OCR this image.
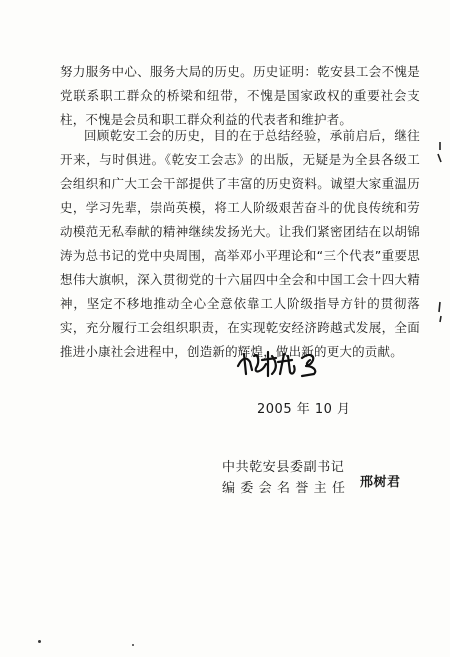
努力服务中心、服务大局的历史。历史证明：乾安县工会不愧是党联系职工群众的桥梁和纽带，不愧是国家政权的重要社会支柱，不愧是会员和职工群众利益的代表者和维护者。

回顾乾安工会的历史，目的在于总结经验，承前启后，继往开来，与时俱进。《乾安工会志》的出版，无疑是为全县各级工会组织和广大工会干部提供了丰富的历史资料。诚望大家重温历史，学习先辈，崇尚英模，将工人阶级艰苦奋斗的优良传统和劳动模范无私奉献的精神继续发扬光大。让我们紧密团结在以胡锦涛为总书记的党中央周围，高举邓小平理论和“三个代表”重要思想伟大旗帜，深入贯彻党的十六届四中全会和中国工会十四大精神，坚定不移地推动全心全意依靠工人阶级指导方针的贯彻落实，充分履行工会组织职责，在实现乾安经济跨越式发展，全面推进小康社会进程中，创造新的辉煌，做出新的更大的贡献。

2005 年 10 月
中共乾安县委副书记
编 委 会 名 誉 主 任 邢树君
